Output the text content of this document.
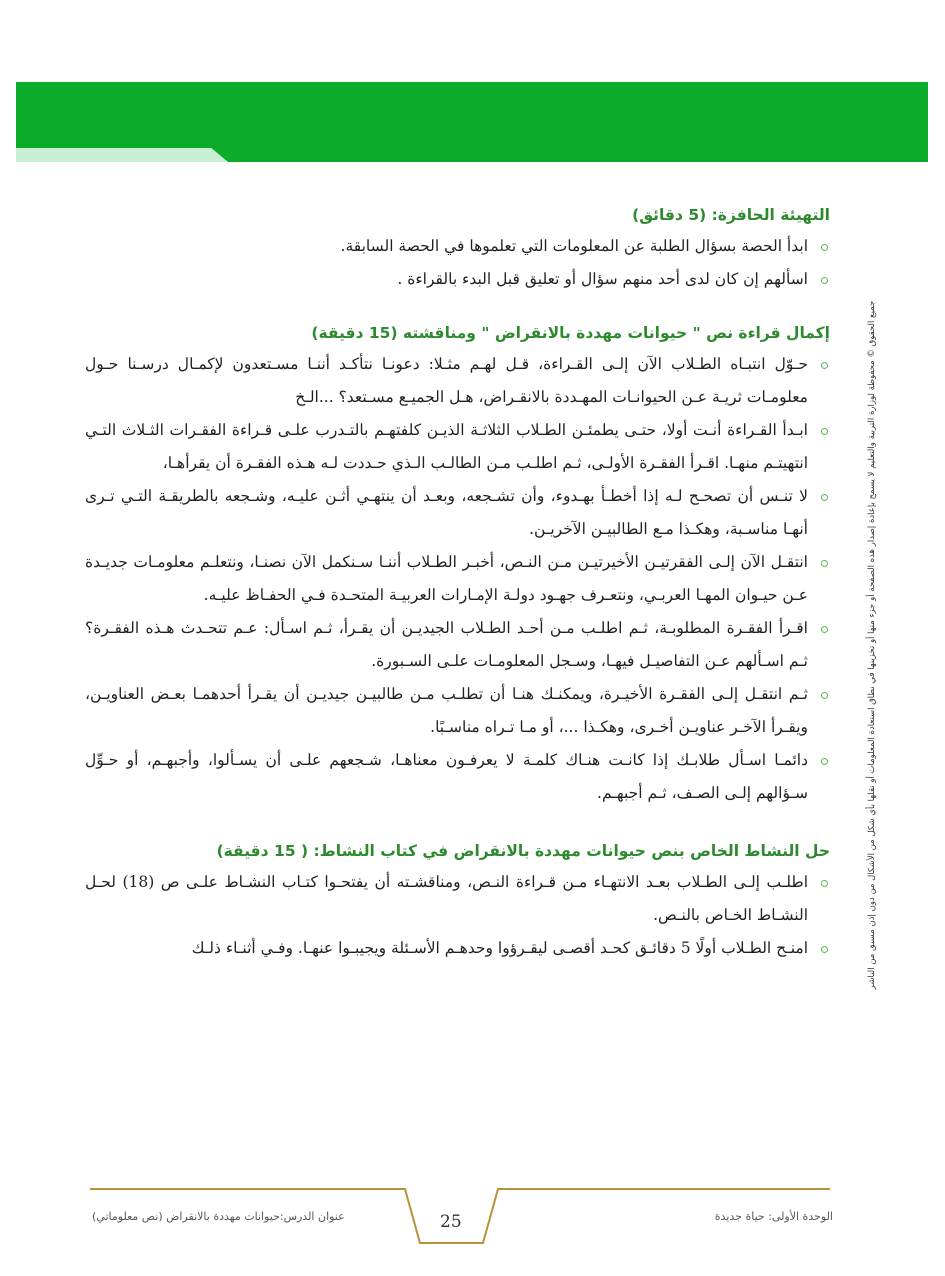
جميع الحقوق © محفوظة لوزارة التربية والتعليم لا يسمح بإعادة إصدار هذه الصفحة أو جزء منها أو تخزينها في نطاق استعادة المعلومات أو نقلها بأي شكل من الأشكال من دون إذن مسبق من الناشر
التهيئة الحافزة: (5 دقائق)
ابدأ الحصة بسؤال الطلبة عن المعلومات التي تعلموها في الحصة السابقة.
اسألهم إن كان لدى أحد منهم سؤال أو تعليق قبل البدء بالقراءة .
إكمال قراءة نص " حيوانات مهددة بالانقراض " ومناقشته (15 دقيقة)
حـوّل انتبـاه الطـلاب الآن إلـى القـراءة، قـل لهـم مثـلا: دعونـا نتأكـد أننـا مسـتعدون لإكمـال درسـنا حـول معلومـات ثريـة عـن الحيوانـات المهـددة بالانقـراض، هـل الجميـع مسـتعد؟ ...الـخ
ابـدأ القـراءة أنـت أولا، حتـى يطمئـن الطـلاب الثلاثـة الذيـن كلفتهـم بالتـدرب علـى قـراءة الفقـرات الثـلاث التـي انتهيتـم منهـا. اقـرأ الفقـرة الأولـى، ثـم اطلـب مـن الطالـب الـذي حـددت لـه هـذه الفقـرة أن يقرأهـا،
لا تنـس أن تصحـح لـه إذا أخطـأ بهـدوء، وأن تشـجعه، وبعـد أن ينتهـي أثـن عليـه، وشـجعه بالطريقـة التـي تـرى أنهـا مناسـبة، وهكـذا مـع الطالبيـن الآخريـن.
انتقـل الآن إلـى الفقرتيـن الأخيرتيـن مـن النـص، أخبـر الطـلاب أننـا سـنكمل الآن نصنـا، ونتعلـم معلومـات جديـدة عـن حيـوان المهـا العربـي، ونتعـرف جهـود دولـة الإمـارات العربيـة المتحـدة فـي الحفـاظ عليـه.
اقـرأ الفقـرة المطلوبـة، ثـم اطلـب مـن أحـد الطـلاب الجيديـن أن يقـرأ، ثـم اسـأل: عـم تتحـدث هـذه الفقـرة؟ ثـم اسـألهم عـن التفاصيـل فيهـا، وسـجل المعلومـات علـى السـبورة.
ثـم انتقـل إلـى الفقـرة الأخيـرة، ويمكنـك هنـا أن تطلـب مـن طالبيـن جيديـن أن يقـرأ أحدهمـا بعـض العناويـن، ويقـرأ الآخـر عناويـن أخـرى، وهكـذا ...، أو مـا تـراه مناسـبًا.
دائمـا اسـأل طلابـك إذا كانـت هنـاك كلمـة لا يعرفـون معناهـا، شـجعهم علـى أن يسـألوا، وأجبهـم، أو حـوِّل سـؤالهم إلـى الصـف، ثـم أجبهـم.
حل النشاط الخاص بنص حيوانات مهددة بالانقراض في كتاب النشاط: ( 15 دقيقة)
اطلـب إلـى الطـلاب بعـد الانتهـاء مـن قـراءة النـص، ومناقشـته أن يفتحـوا كتـاب النشـاط علـى ص (18) لحـل النشـاط الخـاص بالنـص.
امنـح الطـلاب أولًا 5 دقائـق كحـد أقصـى ليقـرؤوا وحدهـم الأسـئلة ويجيبـوا عنهـا. وفـي أثنـاء ذلـك
الوحدة الأولى: حياة جديدة
25
عنوان الدرس:حيوانات مهددة بالانقراض (نص معلوماتي)
